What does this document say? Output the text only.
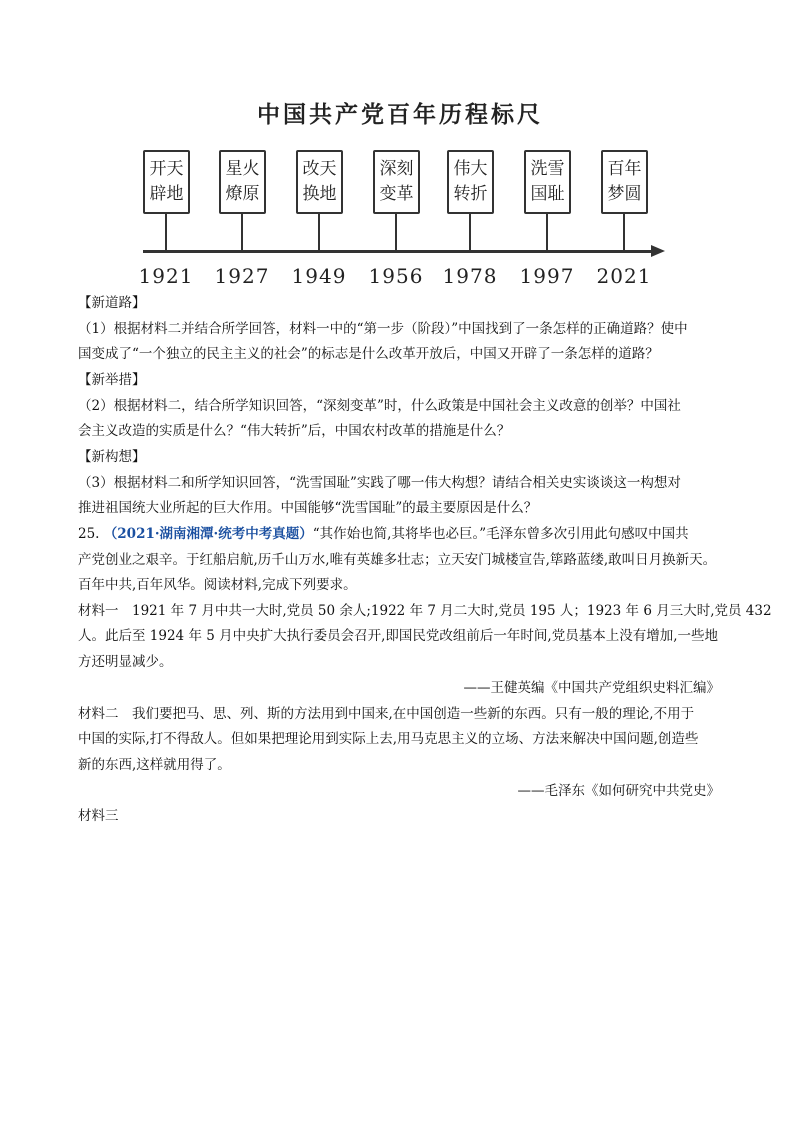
中国共产党百年历程标尺
开天
辟地
星火
燎原
改天
换地
深刻
变革
伟大
转折
洗雪
国耻
百年
梦圆
1921	1927	1949	1956 1978	1997	2021
【新道路】
（1）根据材料二并结合所学回答，材料一中的“第一步（阶段）”中国找到了一条怎样的正确道路？使中
国变成了“一个独立的民主主义的社会”的标志是什么改革开放后，中国又开辟了一条怎样的道路？
【新举措】
（2）根据材料二，结合所学知识回答，“深刻变革”时，什么政策是中国社会主义改意的创举？中国社
会主义改造的实质是什么？“伟大转折”后，中国农村改革的措施是什么？
【新构想】
（3）根据材料二和所学知识回答，“洗雪国耻”实践了哪一伟大构想？请结合相关史实谈谈这一构想对
推进祖国统大业所起的巨大作用。中国能够“洗雪国耻”的最主要原因是什么？
25. （2021·湖南湘潭·统考中考真题）“其作始也简,其将毕也必巨。”毛泽东曾多次引用此句感叹中国共
产党创业之艰辛。于红船启航,历千山万水,唯有英雄多壮志；立天安门城楼宣告,筚路蓝缕,敢叫日月换新天。
百年中共,百年风华。阅读材料,完成下列要求。
材料一　1921 年 7 月中共一大时,党员 50 余人;1922 年 7 月二大时,党员 195 人；1923 年 6 月三大时,党员 432
人。此后至 1924 年 5 月中央扩大执行委员会召开,即国民党改组前后一年时间,党员基本上没有增加,一些地
方还明显减少。
——王健英编《中国共产党组织史料汇编》
材料二　我们要把马、思、列、斯的方法用到中国来,在中国创造一些新的东西。只有一般的理论,不用于
中国的实际,打不得敌人。但如果把理论用到实际上去,用马克思主义的立场、方法来解决中国问题,创造些
新的东西,这样就用得了。
——毛泽东《如何研究中共党史》
材料三
